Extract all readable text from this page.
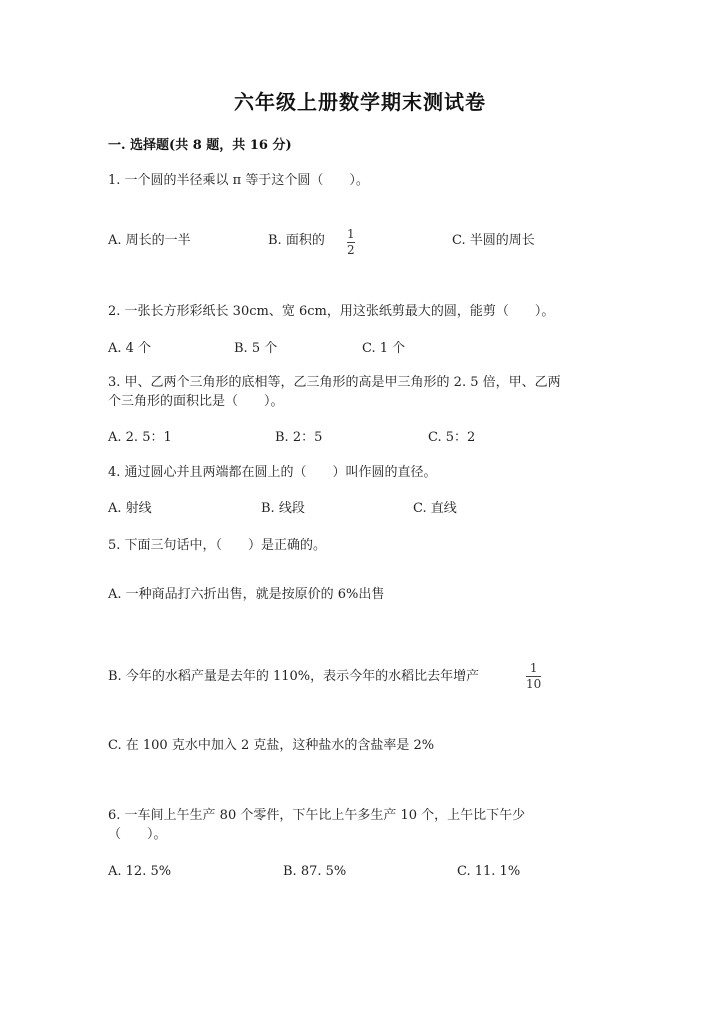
六年级上册数学期末测试卷
一. 选择题(共 8 题，共 16 分)
1. 一个圆的半径乘以 π 等于这个圆（　　）。
A. 周长的一半	B. 面积的 1
2
C. 半圆的周长
2. 一张长方形彩纸长 30cm、宽 6cm，用这张纸剪最大的圆，能剪（　　）。
A. 4 个	B. 5 个	C. 1 个
3. 甲、乙两个三角形的底相等，乙三角形的高是甲三角形的 2. 5 倍，甲、乙两
个三角形的面积比是（　　）。
A. 2. 5：1	B. 2：5	C. 5：2
4. 通过圆心并且两端都在圆上的（　　）叫作圆的直径。
A. 射线	B. 线段	C. 直线
5. 下面三句话中，（　　）是正确的。
A. 一种商品打六折出售，就是按原价的 6%出售
B. 今年的水稻产量是去年的 110%，表示今年的水稻比去年增产
1
10
C. 在 100 克水中加入 2 克盐，这种盐水的含盐率是 2%
6. 一车间上午生产 80 个零件，下午比上午多生产 10 个，上午比下午少
（　　）。
A. 12. 5%	B. 87. 5%	C. 11. 1%
